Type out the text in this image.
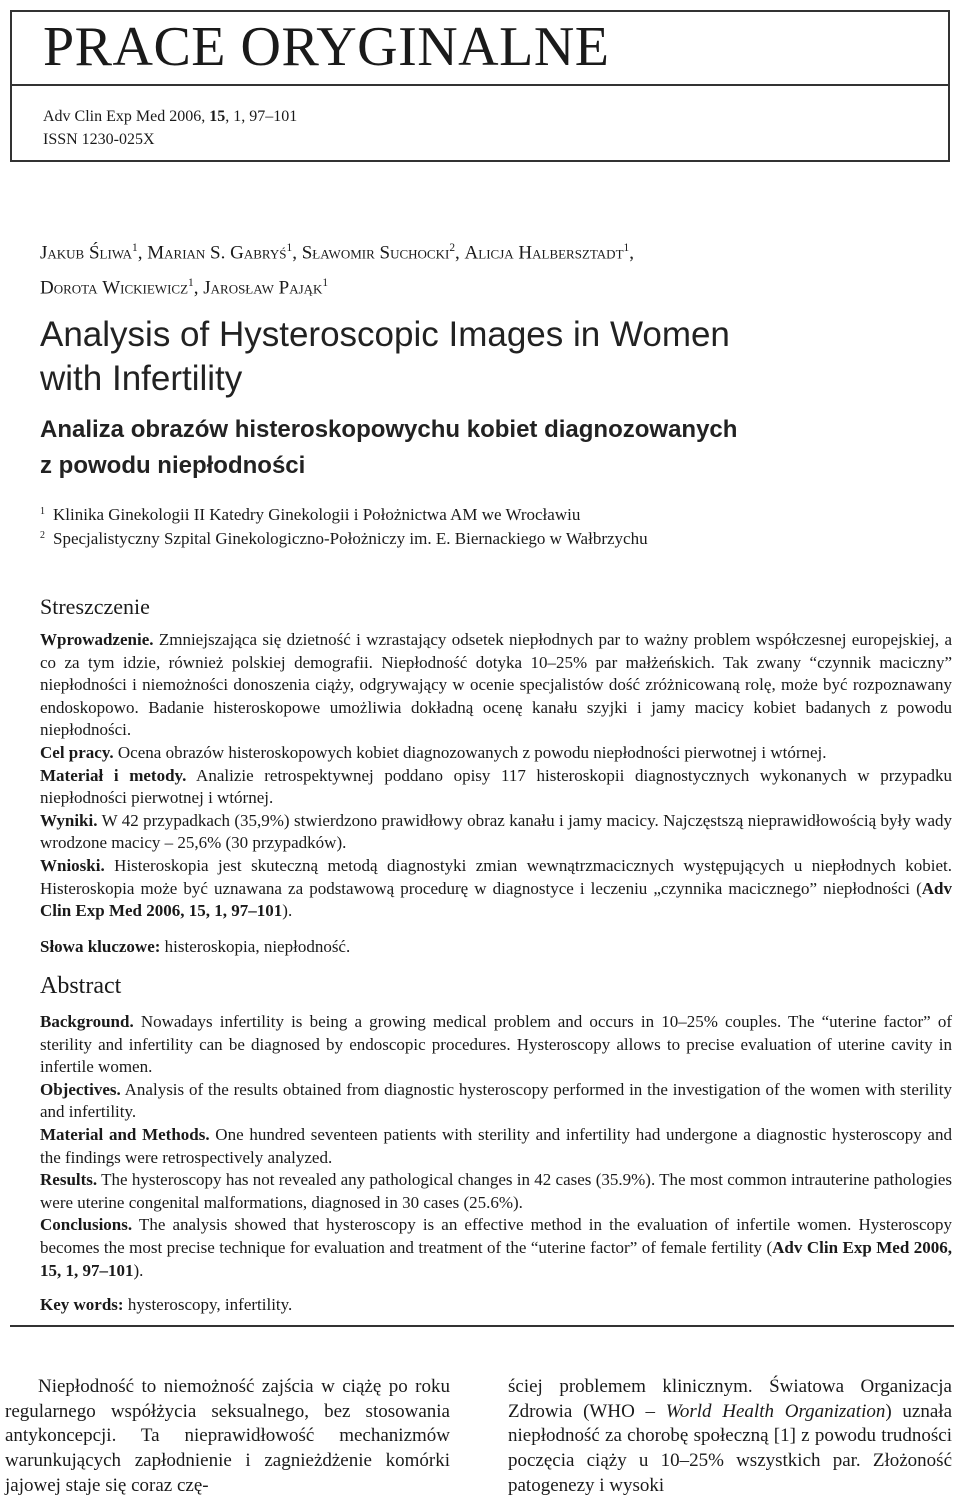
PRACE ORYGINALNE
Adv Clin Exp Med 2006, 15, 1, 97–101
ISSN 1230-025X
Jakub Śliwa$^1$, Marian S. Gabryś$^1$, Sławomir Suchocki$^2$, Alicja Halbersztadt$^1$,
Dorota Wickiewicz$^1$, Jarosław Pająk$^1$
Analysis of Hysteroscopic Images in Women
with Infertility
Analiza obrazów histeroskopowychu kobiet diagnozowanych
z powodu niepłodności
$^1$ Klinika Ginekologii II Katedry Ginekologii i Położnictwa AM we Wrocławiu
$^2$ Specjalistyczny Szpital Ginekologiczno-Położniczy im. E. Biernackiego w Wałbrzychu
Streszczenie
Wprowadzenie. Zmniejszająca się dzietność i wzrastający odsetek niepłodnych par to ważny problem współczesnej europejskiej, a co za tym idzie, również polskiej demografii. Niepłodność dotyka 10–25% par małżeńskich. Tak zwany “czynnik maciczny” niepłodności i niemożności donoszenia ciąży, odgrywający w ocenie specjalistów dość zróżnicowaną rolę, może być rozpoznawany endoskopowo. Badanie histeroskopowe umożliwia dokładną ocenę kanału szyjki i jamy macicy kobiet badanych z powodu niepłodności.
Cel pracy. Ocena obrazów histeroskopowych kobiet diagnozowanych z powodu niepłodności pierwotnej i wtórnej.
Materiał i metody. Analizie retrospektywnej poddano opisy 117 histeroskopii diagnostycznych wykonanych w przypadku niepłodności pierwotnej i wtórnej.
Wyniki. W 42 przypadkach (35,9%) stwierdzono prawidłowy obraz kanału i jamy macicy. Najczęstszą nieprawidłowością były wady wrodzone macicy – 25,6% (30 przypadków).
Wnioski. Histeroskopia jest skuteczną metodą diagnostyki zmian wewnątrzmacicznych występujących u niepłodnych kobiet. Histeroskopia może być uznawana za podstawową procedurę w diagnostyce i leczeniu „czynnika macicznego” niepłodności (Adv Clin Exp Med 2006, 15, 1, 97–101).
Słowa kluczowe: histeroskopia, niepłodność.
Abstract
Background. Nowadays infertility is being a growing medical problem and occurs in 10–25% couples. The “uterine factor” of sterility and infertility can be diagnosed by endoscopic procedures. Hysteroscopy allows to precise evaluation of uterine cavity in infertile women.
Objectives. Analysis of the results obtained from diagnostic hysteroscopy performed in the investigation of the women with sterility and infertility.
Material and Methods. One hundred seventeen patients with sterility and infertility had undergone a diagnostic hysteroscopy and the findings were retrospectively analyzed.
Results. The hysteroscopy has not revealed any pathological changes in 42 cases (35.9%). The most common intrauterine pathologies were uterine congenital malformations, diagnosed in 30 cases (25.6%).
Conclusions. The analysis showed that hysteroscopy is an effective method in the evaluation of infertile women. Hysteroscopy becomes the most precise technique for evaluation and treatment of the “uterine factor” of female fertility (Adv Clin Exp Med 2006, 15, 1, 97–101).
Key words: hysteroscopy, infertility.
Niepłodność to niemożność zajścia w ciążę po roku regularnego współżycia seksualnego, bez stosowania antykoncepcji. Ta nieprawidłowość mechanizmów warunkujących zapłodnienie i zagnieżdżenie komórki jajowej staje się coraz czę-
ściej problemem klinicznym. Światowa Organizacja Zdrowia (WHO – World Health Organization) uznała niepłodność za chorobę społeczną [1] z powodu trudności poczęcia ciąży u 10–25% wszystkich par. Złożoność patogenezy i wysoki
